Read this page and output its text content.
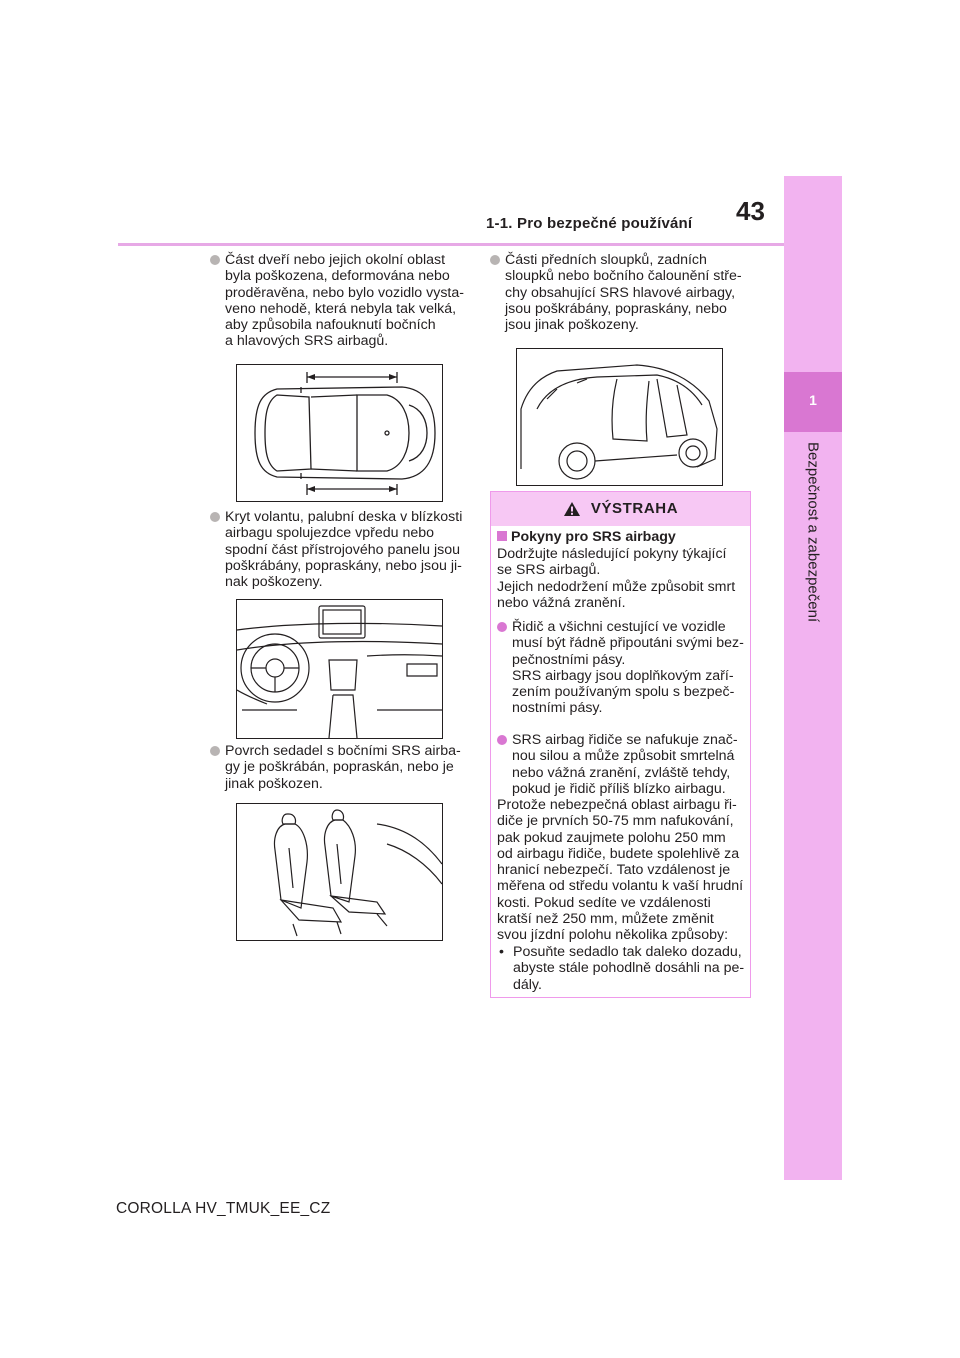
43
1-1. Pro bezpečné používání
1
Bezpečnost a zabezpečení
Část dveří nebo jejich okolní oblast
byla poškozena, deformována nebo
proděravěna, nebo bylo vozidlo vysta-
veno nehodě, která nebyla tak velká,
aby způsobila nafouknutí bočních
a hlavových SRS airbagů.
Kryt volantu, palubní deska v blízkosti
airbagu spolujezdce vpředu nebo
spodní část přístrojového panelu jsou
poškrábány, popraskány, nebo jsou ji-
nak poškozeny.
Povrch sedadel s bočními SRS airba-
gy je poškrábán, popraskán, nebo je
jinak poškozen.
Části předních sloupků, zadních
sloupků nebo bočního čalounění stře-
chy obsahující SRS hlavové airbagy,
jsou poškrábány, popraskány, nebo
jsou jinak poškozeny.
VÝSTRAHA
Pokyny pro SRS airbagy
Dodržujte následující pokyny týkající
se SRS airbagů.
Jejich nedodržení může způsobit smrt
nebo vážná zranění.
Řidič a všichni cestující ve vozidle
musí být řádně připoutáni svými bez-
pečnostními pásy.
SRS airbagy jsou doplňkovým zaří-
zením používaným spolu s bezpeč-
nostními pásy.
SRS airbag řidiče se nafukuje znač-
nou silou a může způsobit smrtelná
nebo vážná zranění, zvláště tehdy,
pokud je řidič příliš blízko airbagu.
Protože nebezpečná oblast airbagu ři-
diče je prvních 50-75 mm nafukování,
pak pokud zaujmete polohu 250 mm
od airbagu řidiče, budete spolehlivě za
hranicí nebezpečí. Tato vzdálenost je
měřena od středu volantu k vaší hrudní
kosti. Pokud sedíte ve vzdálenosti
kratší než 250 mm, můžete změnit
svou jízdní polohu několika způsoby:
• Posuňte sedadlo tak daleko dozadu,
abyste stále pohodlně dosáhli na pe-
dály.
COROLLA HV_TMUK_EE_CZ
